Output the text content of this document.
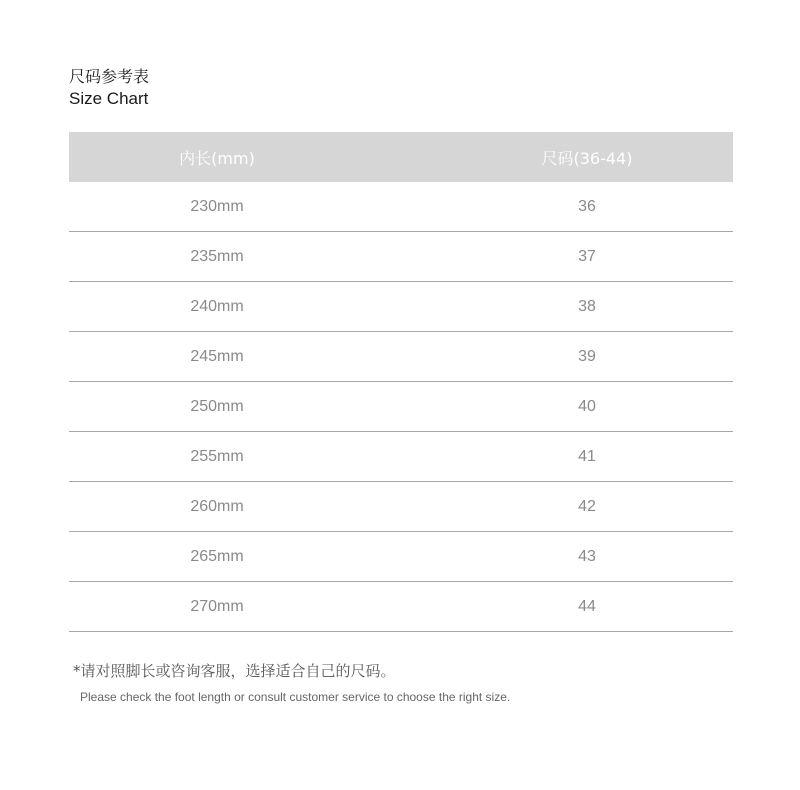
尺码参考表
Size Chart
内长(mm)	尺码(36-44)
230mm	36
235mm	37
240mm	38
245mm	39
250mm	40
255mm	41
260mm	42
265mm	43
270mm	44
*请对照脚长或咨询客服，选择适合自己的尺码。
Please check the foot length or consult customer service to choose the right size.
